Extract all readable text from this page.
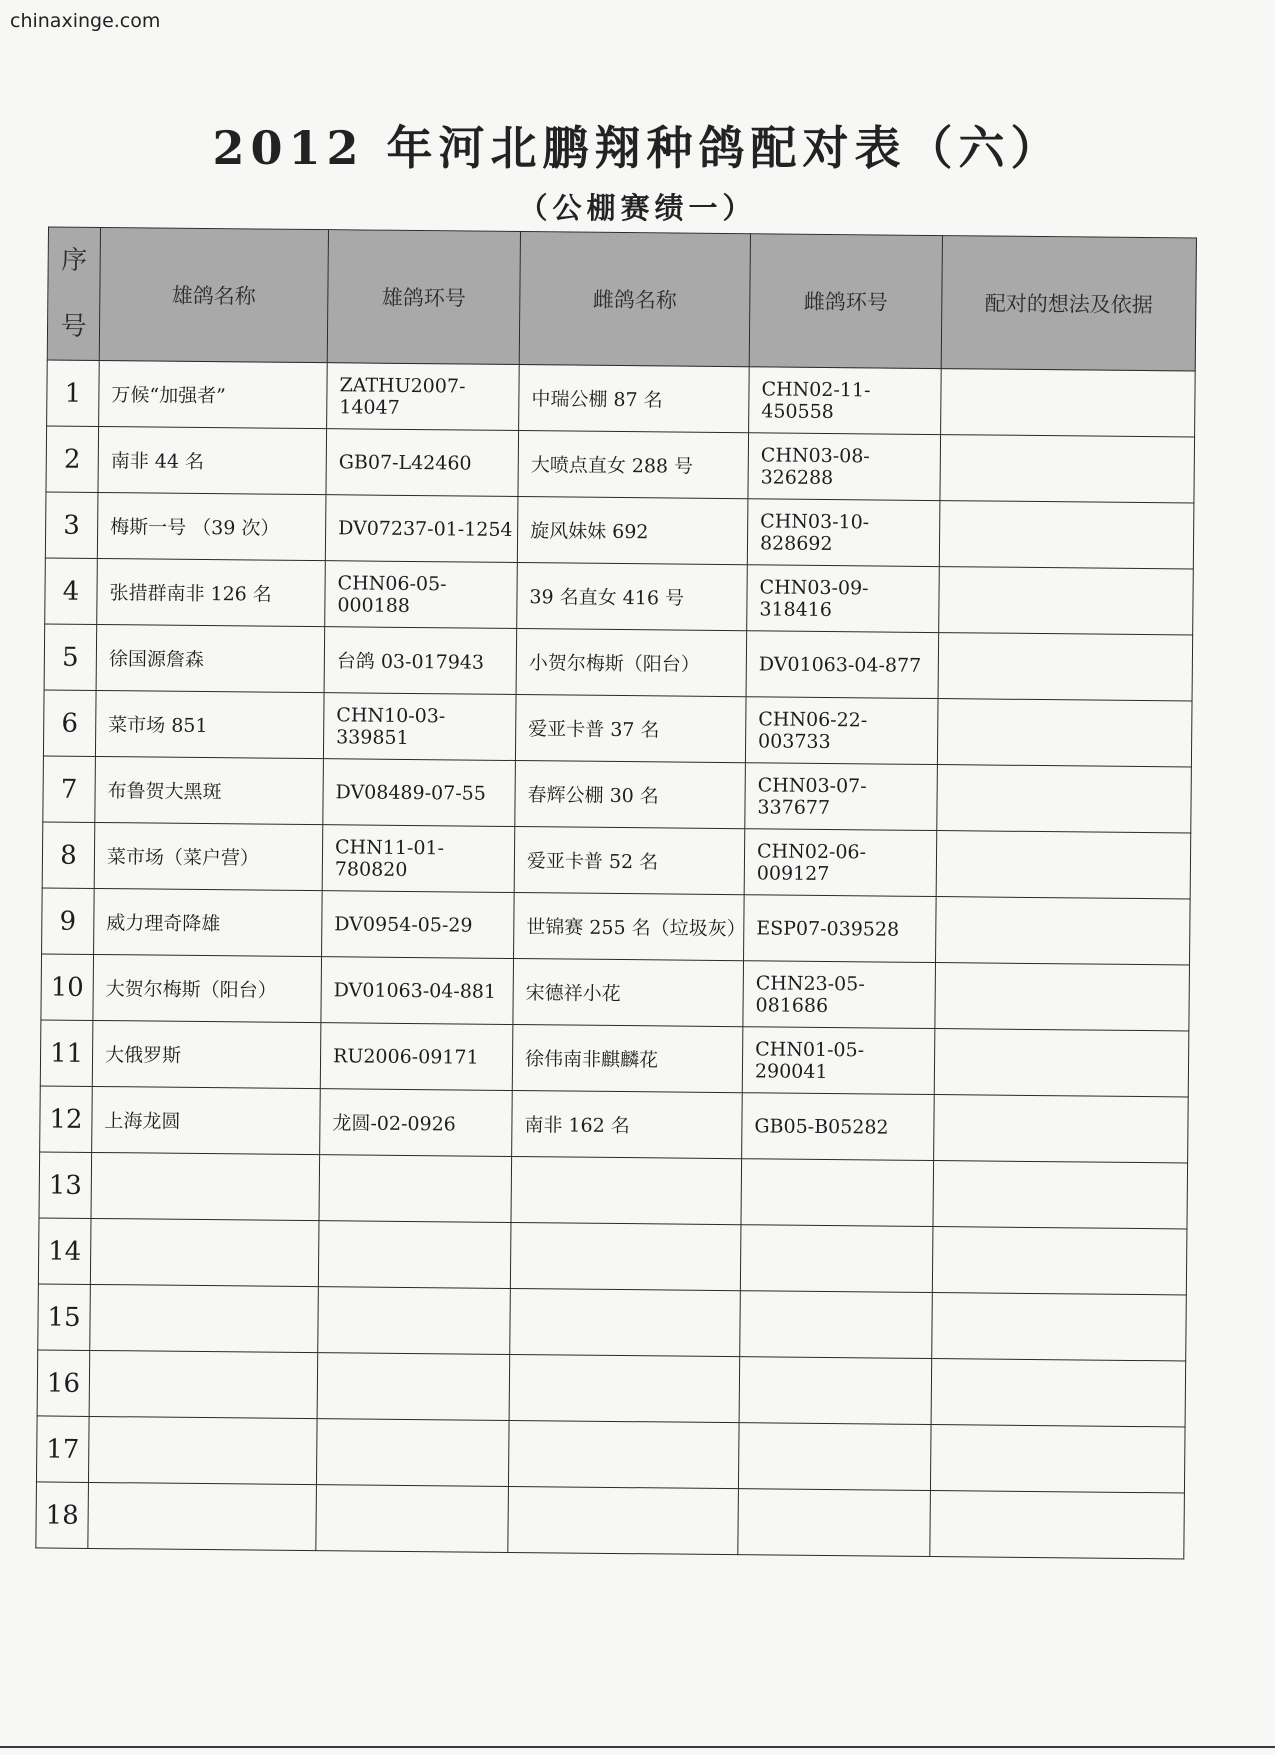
chinaxinge.com
2012 年河北鹏翔种鸽配对表（六）
（公棚赛绩一）
序
号	雄鸽名称	雄鸽环号	雌鸽名称	雌鸽环号	配对的想法及依据
1	万候“加强者”	ZATHU2007-14047	中瑞公棚 87 名	CHN02-11-450558	
2	南非 44 名	GB07-L42460	大喷点直女 288 号	CHN03-08-326288	
3	梅斯一号 （39 次）	DV07237-01-1254	旋风妹妹 692	CHN03-10-828692	
4	张措群南非 126 名	CHN06-05-000188	39 名直女 416 号	CHN03-09-318416	
5	徐国源詹森	台鸽 03-017943	小贺尔梅斯（阳台）	DV01063-04-877	
6	菜市场 851	CHN10-03-339851	爱亚卡普 37 名	CHN06-22-003733	
7	布鲁贺大黑斑	DV08489-07-55	春辉公棚 30 名	CHN03-07-337677	
8	菜市场（菜户营）	CHN11-01-780820	爱亚卡普 52 名	CHN02-06-009127	
9	威力理奇降雄	DV0954-05-29	世锦赛 255 名（垃圾灰）	ESP07-039528	
10	大贺尔梅斯（阳台）	DV01063-04-881	宋德祥小花	CHN23-05-081686	
11	大俄罗斯	RU2006-09171	徐伟南非麒麟花	CHN01-05-290041	
12	上海龙圆	龙圆-02-0926	南非 162 名	GB05-B05282	
13					
14					
15					
16					
17					
18					
